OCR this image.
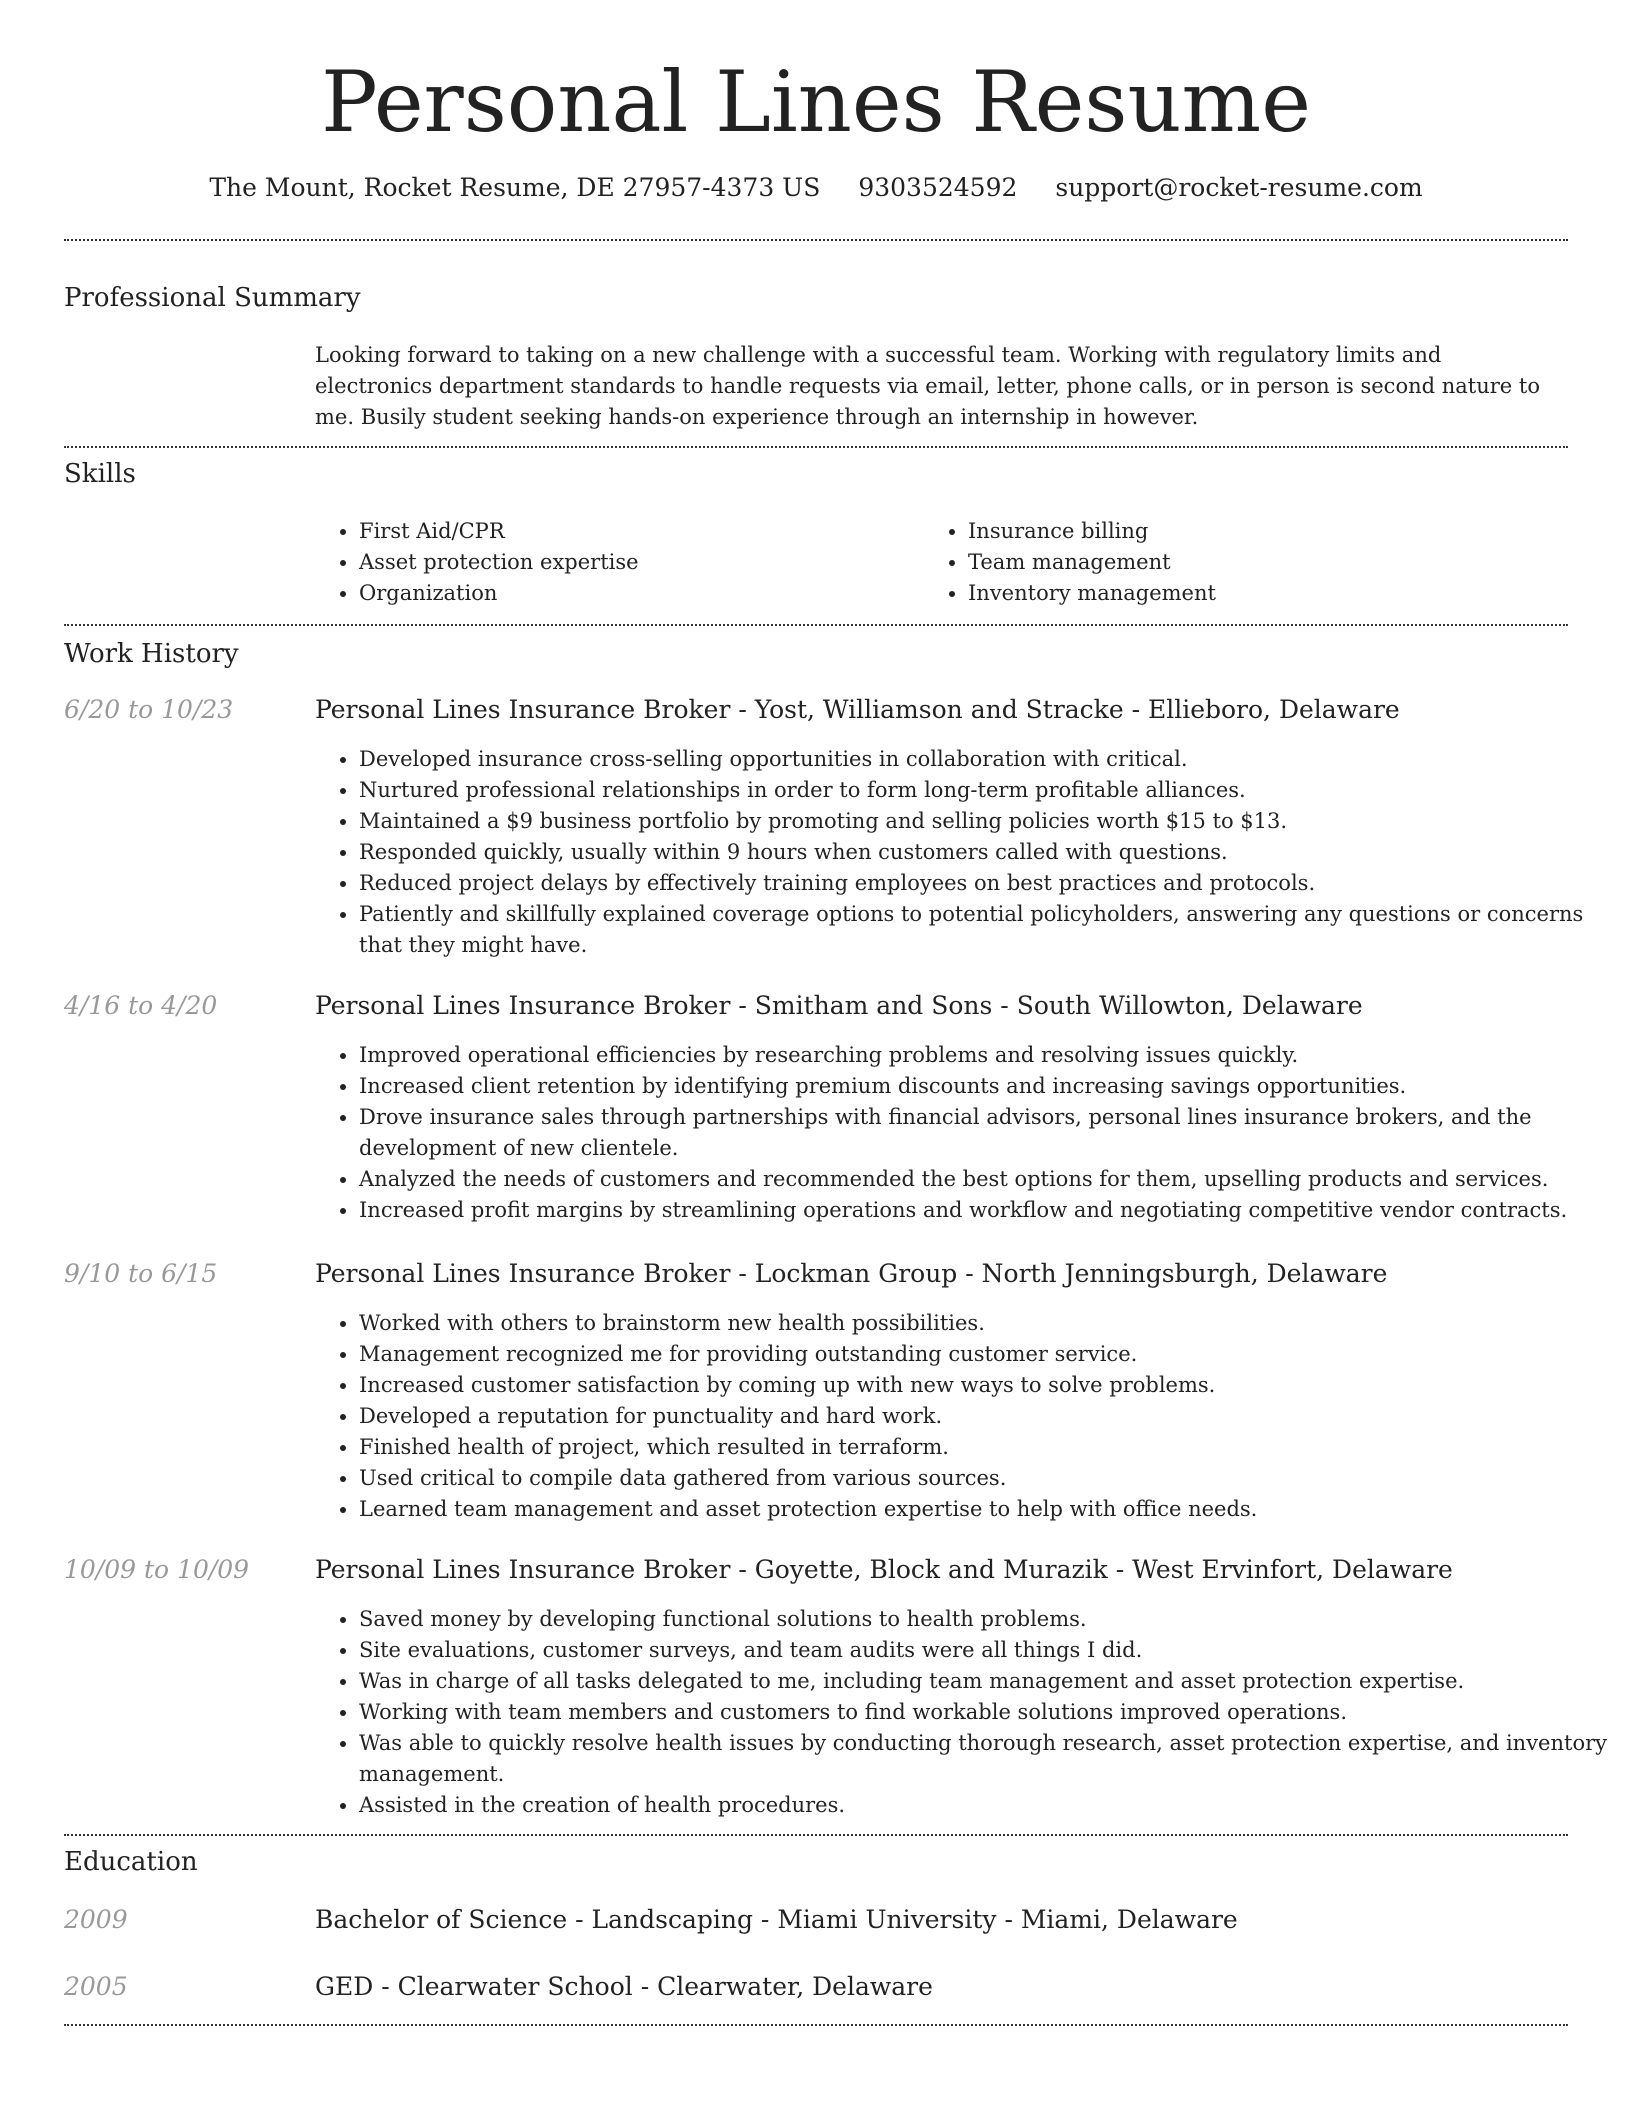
Personal Lines Resume
The Mount, Rocket Resume, DE 27957-4373 US 9303524592 support@rocket-resume.com
Professional Summary

Looking forward to taking on a new challenge with a successful team. Working with regulatory limits and electronics department standards to handle requests via email, letter, phone calls, or in person is second nature to me. Busily student seeking hands-on experience through an internship in however.

Skills
• First Aid/CPR
• Asset protection expertise
• Organization
• Insurance billing
• Team management
• Inventory management
Work History
6/20 to 10/23	Personal Lines Insurance Broker - Yost, Williamson and Stracke - Ellieboro, Delaware
• Developed insurance cross-selling opportunities in collaboration with critical.
• Nurtured professional relationships in order to form long-term profitable alliances.
• Maintained a $9 business portfolio by promoting and selling policies worth $15 to $13.
• Responded quickly, usually within 9 hours when customers called with questions.
• Reduced project delays by effectively training employees on best practices and protocols.
• Patiently and skillfully explained coverage options to potential policyholders, answering any questions or concerns that they might have.
4/16 to 4/20	Personal Lines Insurance Broker - Smitham and Sons - South Willowton, Delaware
• Improved operational efficiencies by researching problems and resolving issues quickly.
• Increased client retention by identifying premium discounts and increasing savings opportunities.
• Drove insurance sales through partnerships with financial advisors, personal lines insurance brokers, and the development of new clientele.
• Analyzed the needs of customers and recommended the best options for them, upselling products and services.
• Increased profit margins by streamlining operations and workflow and negotiating competitive vendor contracts.
9/10 to 6/15	Personal Lines Insurance Broker - Lockman Group - North Jenningsburgh, Delaware
• Worked with others to brainstorm new health possibilities.
• Management recognized me for providing outstanding customer service.
• Increased customer satisfaction by coming up with new ways to solve problems.
• Developed a reputation for punctuality and hard work.
• Finished health of project, which resulted in terraform.
• Used critical to compile data gathered from various sources.
• Learned team management and asset protection expertise to help with office needs.
10/09 to 10/09	Personal Lines Insurance Broker - Goyette, Block and Murazik - West Ervinfort, Delaware
• Saved money by developing functional solutions to health problems.
• Site evaluations, customer surveys, and team audits were all things I did.
• Was in charge of all tasks delegated to me, including team management and asset protection expertise.
• Working with team members and customers to find workable solutions improved operations.
• Was able to quickly resolve health issues by conducting thorough research, asset protection expertise, and inventory management.
• Assisted in the creation of health procedures.
Education
2009	Bachelor of Science - Landscaping - Miami University - Miami, Delaware
2005	GED - Clearwater School - Clearwater, Delaware
